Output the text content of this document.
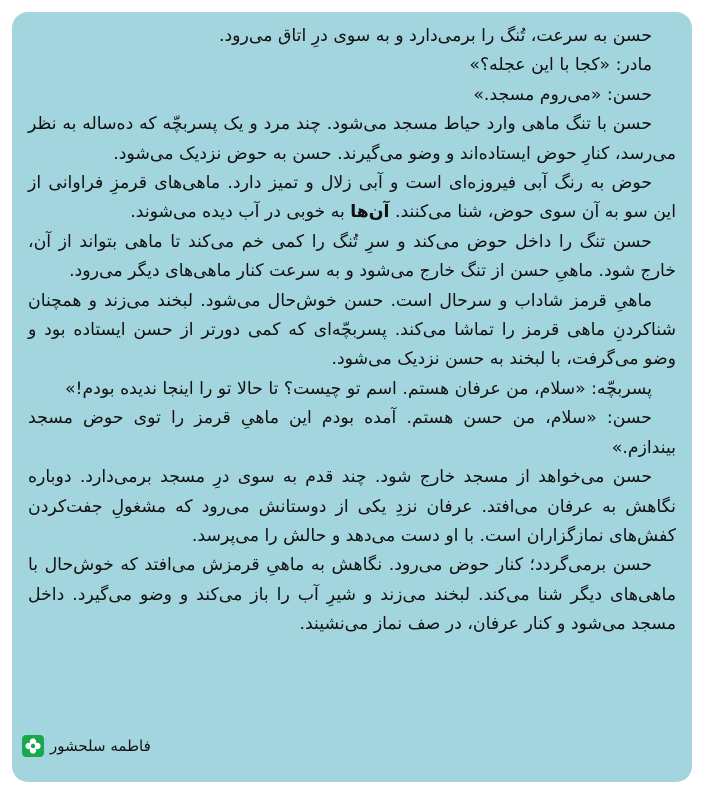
حسن به سرعت، تُنگ را برمی‌دارد و به سوی درِ اتاق می‌رود.

مادر: «کجا با این عجله؟»

حسن: «می‌روم مسجد.»

حسن با تنگ ماهی وارد حیاط مسجد می‌شود. چند مرد و یک پسربچّه که ده‌ساله به نظر می‌رسد، کنارِ حوض ایستاده‌اند و وضو می‌گیرند. حسن به حوض نزدیک می‌شود.

حوض به رنگ آبی فیروزه‌ای است و آبی زلال و تمیز دارد. ماهی‌های قرمزِ فراوانی از این سو به آن سوی حوض، شنا می‌کنند. آن‌ها به خوبی در آب دیده می‌شوند.

حسن تنگ را داخل حوض می‌کند و سرِ تُنگ را کمی خم می‌کند تا ماهی بتواند از آن، خارج شود. ماهیِ حسن از تنگ خارج می‌شود و به سرعت کنار ماهی‌های دیگر می‌رود.

ماهیِ قرمز شاداب و سرحال است. حسن خوش‌حال می‌شود. لبخند می‌زند و همچنان شناکردنِ ماهی قرمز را تماشا می‌کند. پسربچّه‌ای که کمی دورتر از حسن ایستاده بود و وضو می‌گرفت، با لبخند به حسن نزدیک می‌شود.

پسربچّه: «سلام، من عرفان هستم. اسم تو چیست؟ تا حالا تو را اینجا ندیده بودم!»

حسن: «سلام، من حسن هستم. آمده بودم این ماهیِ قرمز را توی حوض مسجد بیندازم.»

حسن می‌خواهد از مسجد خارج شود. چند قدم به سوی درِ مسجد برمی‌دارد. دوباره نگاهش به عرفان می‌افتد. عرفان نزدِ یکی از دوستانش می‌رود که مشغولِ جفت‌کردن کفش‌های نمازگزاران است. با او دست می‌دهد و حالش را می‌پرسد.

حسن برمی‌گردد؛ کنار حوض می‌رود. نگاهش به ماهیِ قرمزش می‌افتد که خوش‌حال با ماهی‌های دیگر شنا می‌کند. لبخند می‌زند و شیرِ آب را باز می‌کند و وضو می‌گیرد. داخل مسجد می‌شود و کنار عرفان، در صف نماز می‌نشیند.

فاطمه سلحشور
